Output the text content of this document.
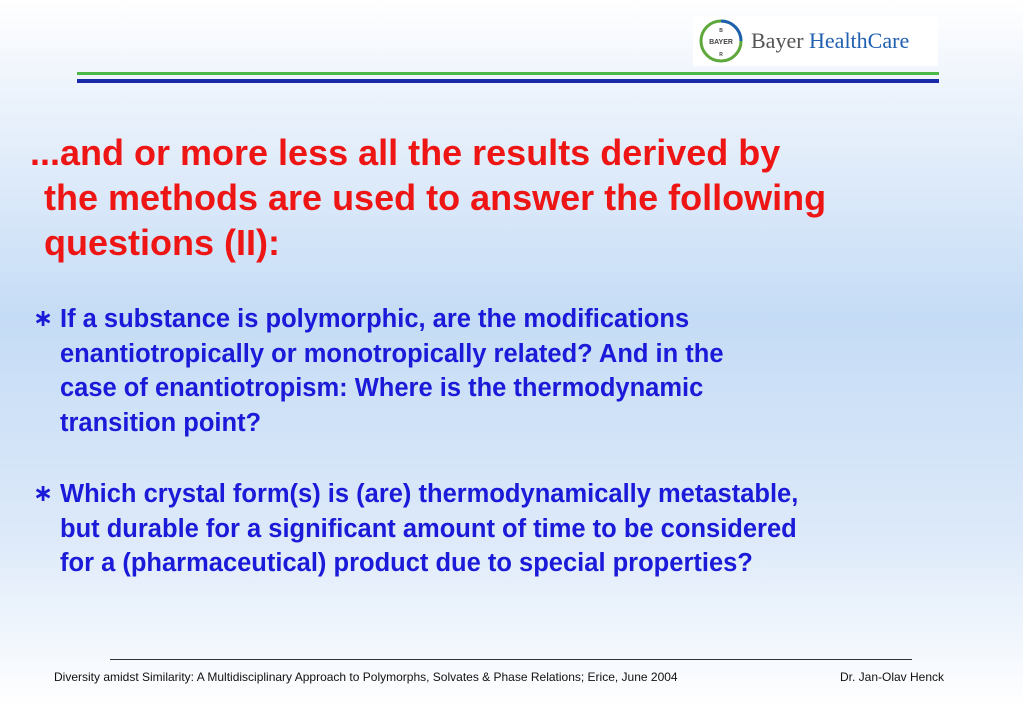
BAYER
B
R
Bayer HealthCare
...and or more less all the results derived by
the methods are used to answer the following
questions (II):
∗ If a substance is polymorphic, are the modifications
enantiotropically or monotropically related? And in the
case of enantiotropism: Where is the thermodynamic
transition point?
∗ Which crystal form(s) is (are) thermodynamically metastable,
but durable for a significant amount of time to be considered
for a (pharmaceutical) product due to special properties?
Diversity amidst Similarity: A Multidisciplinary Approach to Polymorphs, Solvates & Phase Relations; Erice, June 2004	Dr. Jan-Olav Henck
